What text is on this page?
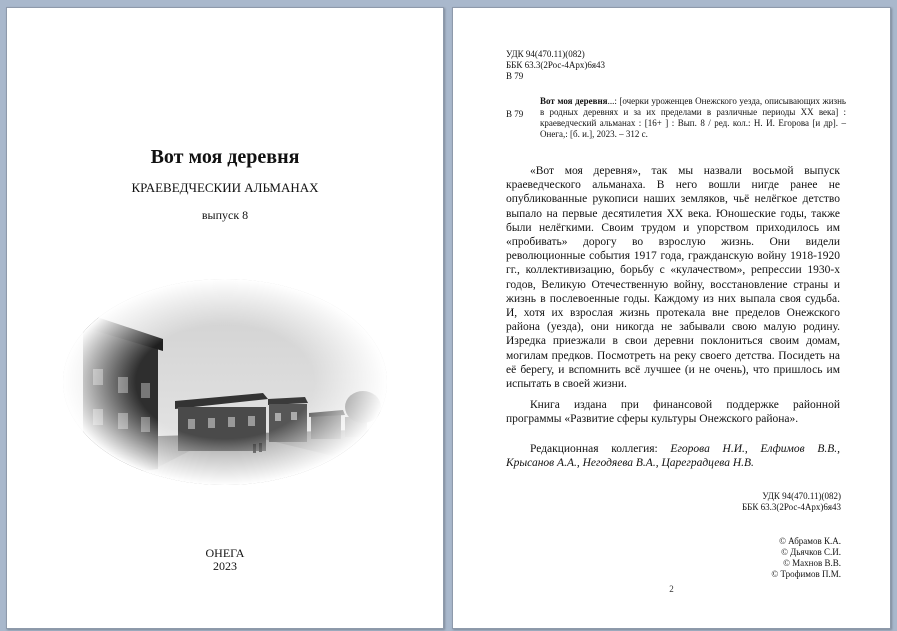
Вот моя деревня
КРАЕВЕДЧЕСКИИ АЛЬМАНАХ
выпуск 8
ОНЕГА
2023
УДК 94(470.11)(082)
ББК 63.3(2Рос-4Арх)6я43
В 79
В 79
Вот моя деревня...: [очерки уроженцев Онежского уезда, описывающих жизнь в родных деревнях и за их пределами в различные периоды XX века] : краеведческий альманах : [16+ ] : Вып. 8 / ред. кол.: Н. И. Егорова [и др]. – Онега,: [б. и.], 2023. – 312 с.
«Вот моя деревня», так мы назвали восьмой выпуск краеведческого альманаха. В него вошли нигде ранее не опубликованные рукописи наших земляков, чьё нелёгкое детство выпало на первые десятилетия XX века. Юношеские годы, также были нелёгкими. Своим трудом и упорством приходилось им «пробивать» дорогу во взрослую жизнь. Они видели революционные события 1917 года, гражданскую войну 1918-1920 гг., коллективизацию, борьбу с «кулачеством», репрессии 1930-х годов, Великую Отечественную войну, восстановление страны и жизнь в послевоенные годы. Каждому из них выпала своя судьба. И, хотя их взрослая жизнь протекала вне пределов Онежского района (уезда), они никогда не забывали свою малую родину. Изредка приезжали в свои деревни поклониться своим домам, могилам предков. Посмотреть на реку своего детства. Посидеть на её берегу, и вспомнить всё лучшее (и не очень), что пришлось им испытать в своей жизни.
Книга издана при финансовой поддержке районной программы «Развитие сферы культуры Онежского района».
Редакционная коллегия: Егорова Н.И., Елфимов В.В., Крысанов А.А., Негодяева В.А., Цареградцева Н.В.
УДК 94(470.11)(082)
ББК 63.3(2Рос-4Арх)6я43
© Абрамов К.А.
© Дьячков С.И.
© Махнов В.В.
© Трофимов П.М.
2
